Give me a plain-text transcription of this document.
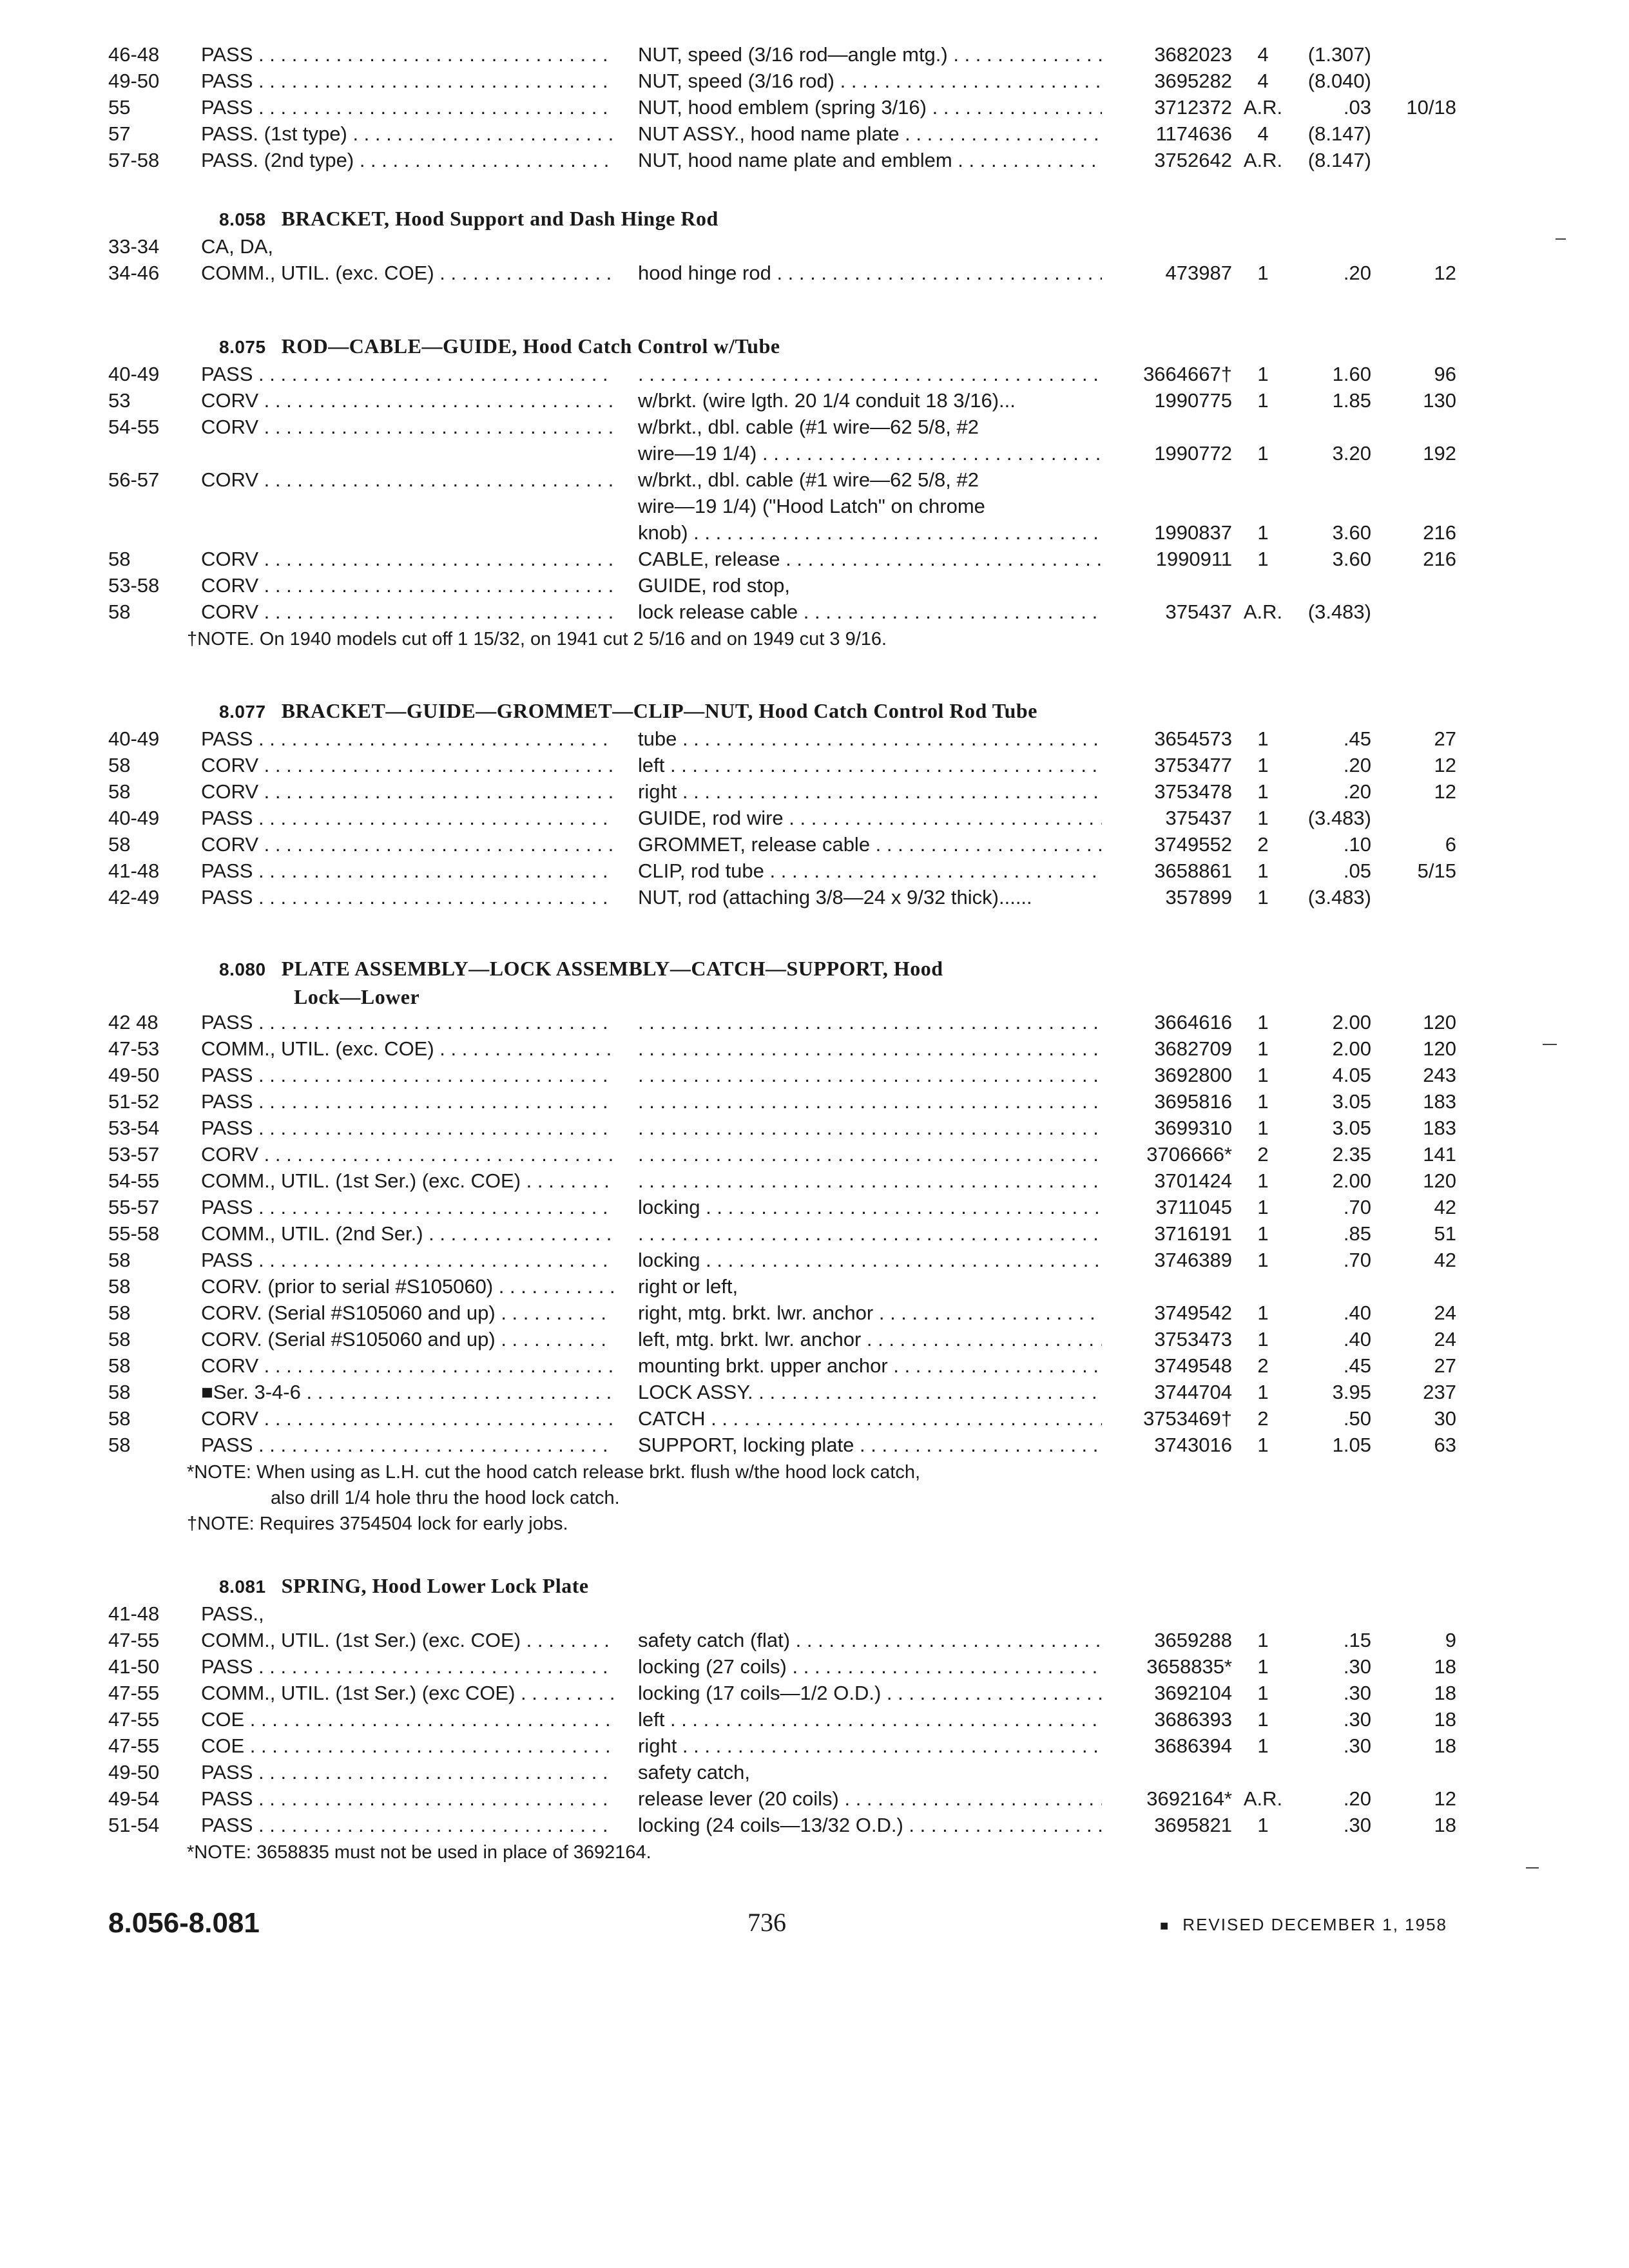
46-48	PASS . . .	NUT, speed (3/16 rod—angle mtg.) . . .	3682023	4	(1.307)
49-50	PASS . . .	NUT, speed (3/16 rod) . . .	3695282	4	(8.040)
55	PASS . . .	NUT, hood emblem (spring 3/16) . . .	3712372 A.R.	.03	10/18
57	PASS. (1st type) . . .	NUT ASSY., hood name plate . . .	1174636	4	(8.147)
57-58	PASS. (2nd type) . . .	NUT, hood name plate and emblem . . .	3752642 A.R.	(8.147)
8.058 BRACKET, Hood Support and Dash Hinge Rod
33-34	CA, DA,
34-46	COMM., UTIL. (exc. COE) . . .	hood hinge rod . . .	473987	1	.20	12
8.075 ROD—CABLE—GUIDE, Hood Catch Control w/Tube
40-49	PASS . . . . . .	3664667†	1	1.60	96
53	CORV . . .	w/brkt. (wire lgth. 20 1/4 conduit 18 3/16)...	1990775	1	1.85	130
54-55	CORV . . .	w/brkt., dbl. cable (#1 wire—62 5/8, #2
wire—19 1/4) . . .	1990772	1	3.20	192
56-57	CORV . . .	w/brkt., dbl. cable (#1 wire—62 5/8, #2
wire—19 1/4) ("Hood Latch" on chrome
knob) . . .	1990837	1	3.60	216
58	CORV . . .	CABLE, release . . .	1990911	1	3.60	216
53-58	CORV . . .	GUIDE, rod stop,
58	CORV . . .	lock release cable . . .	375437 A.R.	(3.483)
†NOTE. On 1940 models cut off 1 15/32, on 1941 cut 2 5/16 and on 1949 cut 3 9/16.
8.077 BRACKET—GUIDE—GROMMET—CLIP—NUT, Hood Catch Control Rod Tube
40-49	PASS . . .	tube . . .	3654573	1	.45	27
58	CORV . . .	left . . .	3753477	1	.20	12
58	CORV . . .	right . . .	3753478	1	.20	12
40-49	PASS . . .	GUIDE, rod wire . . .	375437	1	(3.483)
58	CORV . . .	GROMMET, release cable . . .	3749552	2	.10	6
41-48	PASS . . .	CLIP, rod tube . . .	3658861	1	.05	5/15
42-49	PASS . . .	NUT, rod (attaching 3/8—24 x 9/32 thick)......	357899	1	(3.483)
8.080 PLATE ASSEMBLY—LOCK ASSEMBLY—CATCH—SUPPORT, Hood
Lock—Lower
42 48	PASS . . . . . .	3664616	1	2.00	120
47-53	COMM., UTIL. (exc. COE) . . . . . .	3682709	1	2.00	120
49-50	PASS . . . . . .	3692800	1	4.05	243
51-52	PASS . . . . . .	3695816	1	3.05	183
53-54	PASS . . . . . .	3699310	1	3.05	183
53-57	CORV . . . . . .	3706666*	2	2.35	141
54-55	COMM., UTIL. (1st Ser.) (exc. COE) . . . . . .	3701424	1	2.00	120
55-57	PASS . . .	locking . . .	3711045	1	.70	42
55-58	COMM., UTIL. (2nd Ser.) . . . . . .	3716191	1	.85	51
58	PASS . . .	locking . . .	3746389	1	.70	42
58	CORV. (prior to serial #S105060) . . .	right or left,
58	CORV. (Serial #S105060 and up) . . .	right, mtg. brkt. lwr. anchor . . .	3749542	1	.40	24
58	CORV. (Serial #S105060 and up) . . .	left, mtg. brkt. lwr. anchor . . .	3753473	1	.40	24
58	CORV . . .	mounting brkt. upper anchor . . .	3749548	2	.45	27
58	■Ser. 3-4-6 . . .	LOCK ASSY. . . .	3744704	1	3.95	237
58	CORV . . .	CATCH . . .	3753469†	2	.50	30
58	PASS . . .	SUPPORT, locking plate . . .	3743016	1	1.05	63
*NOTE: When using as L.H. cut the hood catch release brkt. flush w/the hood lock catch,
also drill 1/4 hole thru the hood lock catch.
†NOTE: Requires 3754504 lock for early jobs.
8.081 SPRING, Hood Lower Lock Plate
41-48	PASS.,
47-55	COMM., UTIL. (1st Ser.) (exc. COE) . . .	safety catch (flat) . . .	3659288	1	.15	9
41-50	PASS . . .	locking (27 coils) . . .	3658835*	1	.30	18
47-55	COMM., UTIL. (1st Ser.) (exc COE) . . .	locking (17 coils—1/2 O.D.) . . .	3692104	1	.30	18
47-55	COE . . .	left . . .	3686393	1	.30	18
47-55	COE . . .	right . . .	3686394	1	.30	18
49-50	PASS . . .	safety catch,
49-54	PASS . . .	release lever (20 coils) . . .	3692164* A.R.	.20	12
51-54	PASS . . .	locking (24 coils—13/32 O.D.) . . .	3695821	1	.30	18
*NOTE: 3658835 must not be used in place of 3692164.
8.056-8.081	736	■ REVISED DECEMBER 1, 1958
